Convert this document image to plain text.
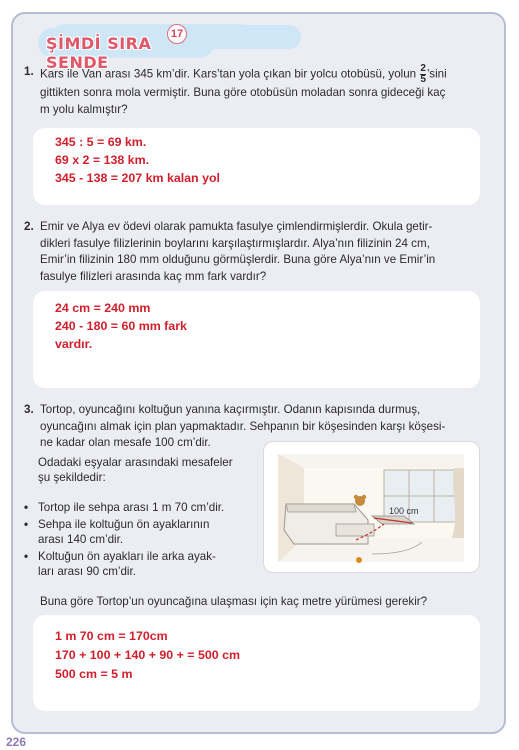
17
ŞİMDİ SIRA SENDE
1. Kars ile Van arası 345 km’dir. Kars’tan yola çıkan bir yolcu otobüsü, yolun $\frac{2}{5}$ ’sini
gittikten sonra mola vermiştir. Buna göre otobüsün moladan sonra gideceği kaç
m yolu kalmıştır?
345 : 5 = 69 km.
69 x 2 = 138 km.
345 - 138 = 207 km kalan yol
2. Emir ve Alya ev ödevi olarak pamukta fasulye çimlendirmişlerdir. Okula getir-
dikleri fasulye filizlerinin boylarını karşılaştırmışlardır. Alya’nın filizinin 24 cm,
Emir’in filizinin 180 mm olduğunu görmüşlerdir. Buna göre Alya’nın ve Emir’in
fasulye filizleri arasında kaç mm fark vardır?
24 cm = 240 mm
240 - 180 = 60 mm fark
vardır.
3. Tortop, oyuncağını koltuğun yanına kaçırmıştır. Odanın kapısında durmuş,
oyuncağını almak için plan yapmaktadır. Sehpanın bir köşesinden karşı köşesi-
ne kadar olan mesafe 100 cm’dir.
Odadaki eşyalar arasındaki mesafeler
şu şekildedir:
• Tortop ile sehpa arası 1 m 70 cm’dir.
• Sehpa ile koltuğun ön ayaklarının
arası 140 cm’dir.
• Koltuğun ön ayakları ile arka ayak-
ları arası 90 cm’dir.
100 cm
Buna göre Tortop’un oyuncağına ulaşması için kaç metre yürümesi gerekir?
1 m 70 cm = 170cm
170 + 100 + 140 + 90 + = 500 cm
500 cm = 5 m
226
